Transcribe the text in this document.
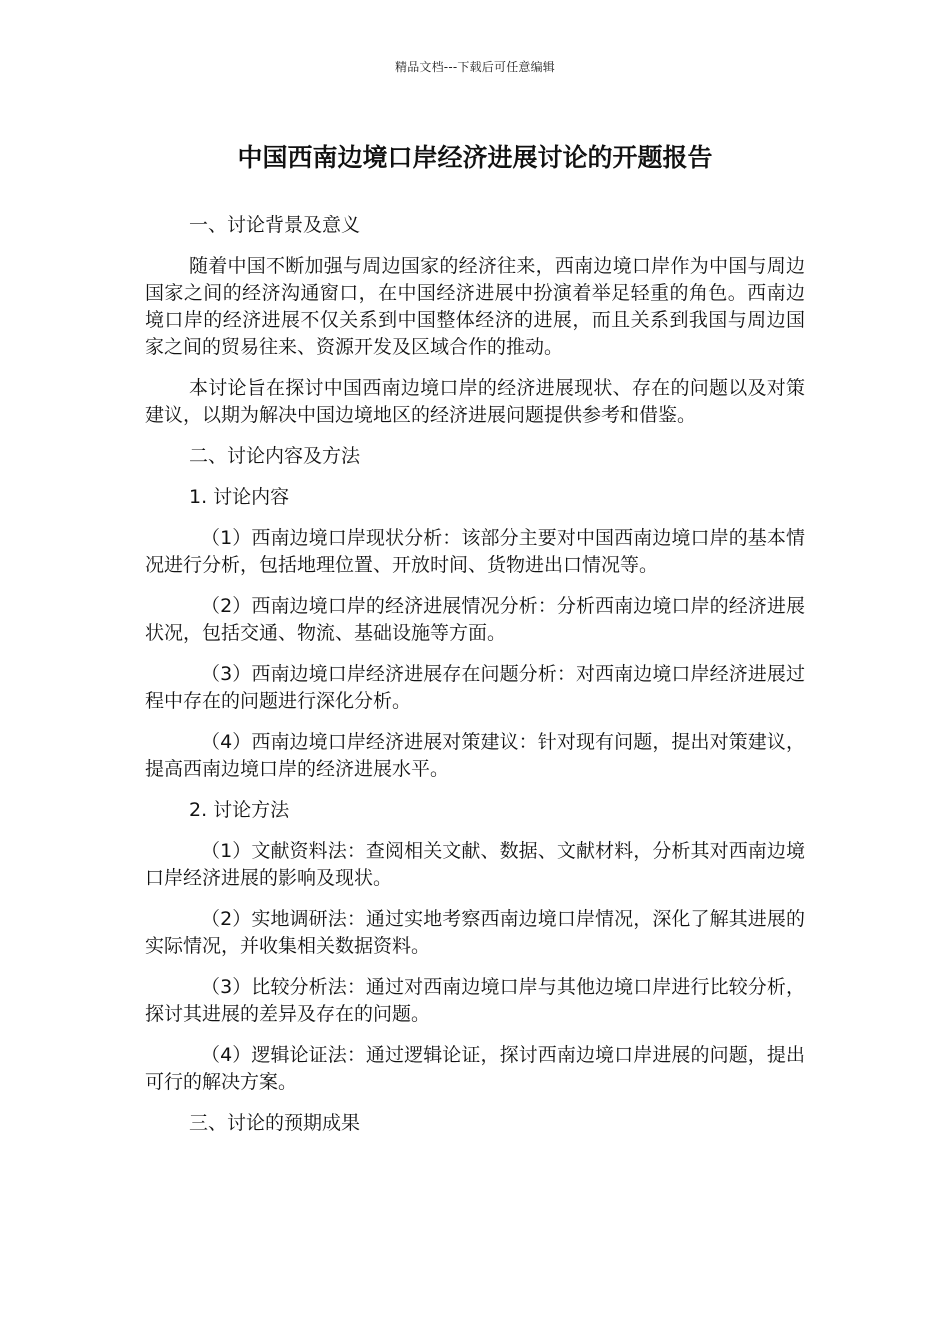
精品文档---下载后可任意编辑
中国西南边境口岸经济进展讨论的开题报告

一、讨论背景及意义

随着中国不断加强与周边国家的经济往来，西南边境口岸作为中国与周边国家之间的经济沟通窗口，在中国经济进展中扮演着举足轻重的角色。西南边境口岸的经济进展不仅关系到中国整体经济的进展，而且关系到我国与周边国家之间的贸易往来、资源开发及区域合作的推动。

本讨论旨在探讨中国西南边境口岸的经济进展现状、存在的问题以及对策建议，以期为解决中国边境地区的经济进展问题提供参考和借鉴。

二、讨论内容及方法

1. 讨论内容

（1）西南边境口岸现状分析：该部分主要对中国西南边境口岸的基本情况进行分析，包括地理位置、开放时间、货物进出口情况等。

（2）西南边境口岸的经济进展情况分析：分析西南边境口岸的经济进展状况，包括交通、物流、基础设施等方面。

（3）西南边境口岸经济进展存在问题分析：对西南边境口岸经济进展过程中存在的问题进行深化分析。

（4）西南边境口岸经济进展对策建议：针对现有问题，提出对策建议，提高西南边境口岸的经济进展水平。

2. 讨论方法

（1）文献资料法：查阅相关文献、数据、文献材料，分析其对西南边境口岸经济进展的影响及现状。

（2）实地调研法：通过实地考察西南边境口岸情况，深化了解其进展的实际情况，并收集相关数据资料。

（3）比较分析法：通过对西南边境口岸与其他边境口岸进行比较分析，探讨其进展的差异及存在的问题。

（4）逻辑论证法：通过逻辑论证，探讨西南边境口岸进展的问题，提出可行的解决方案。

三、讨论的预期成果
